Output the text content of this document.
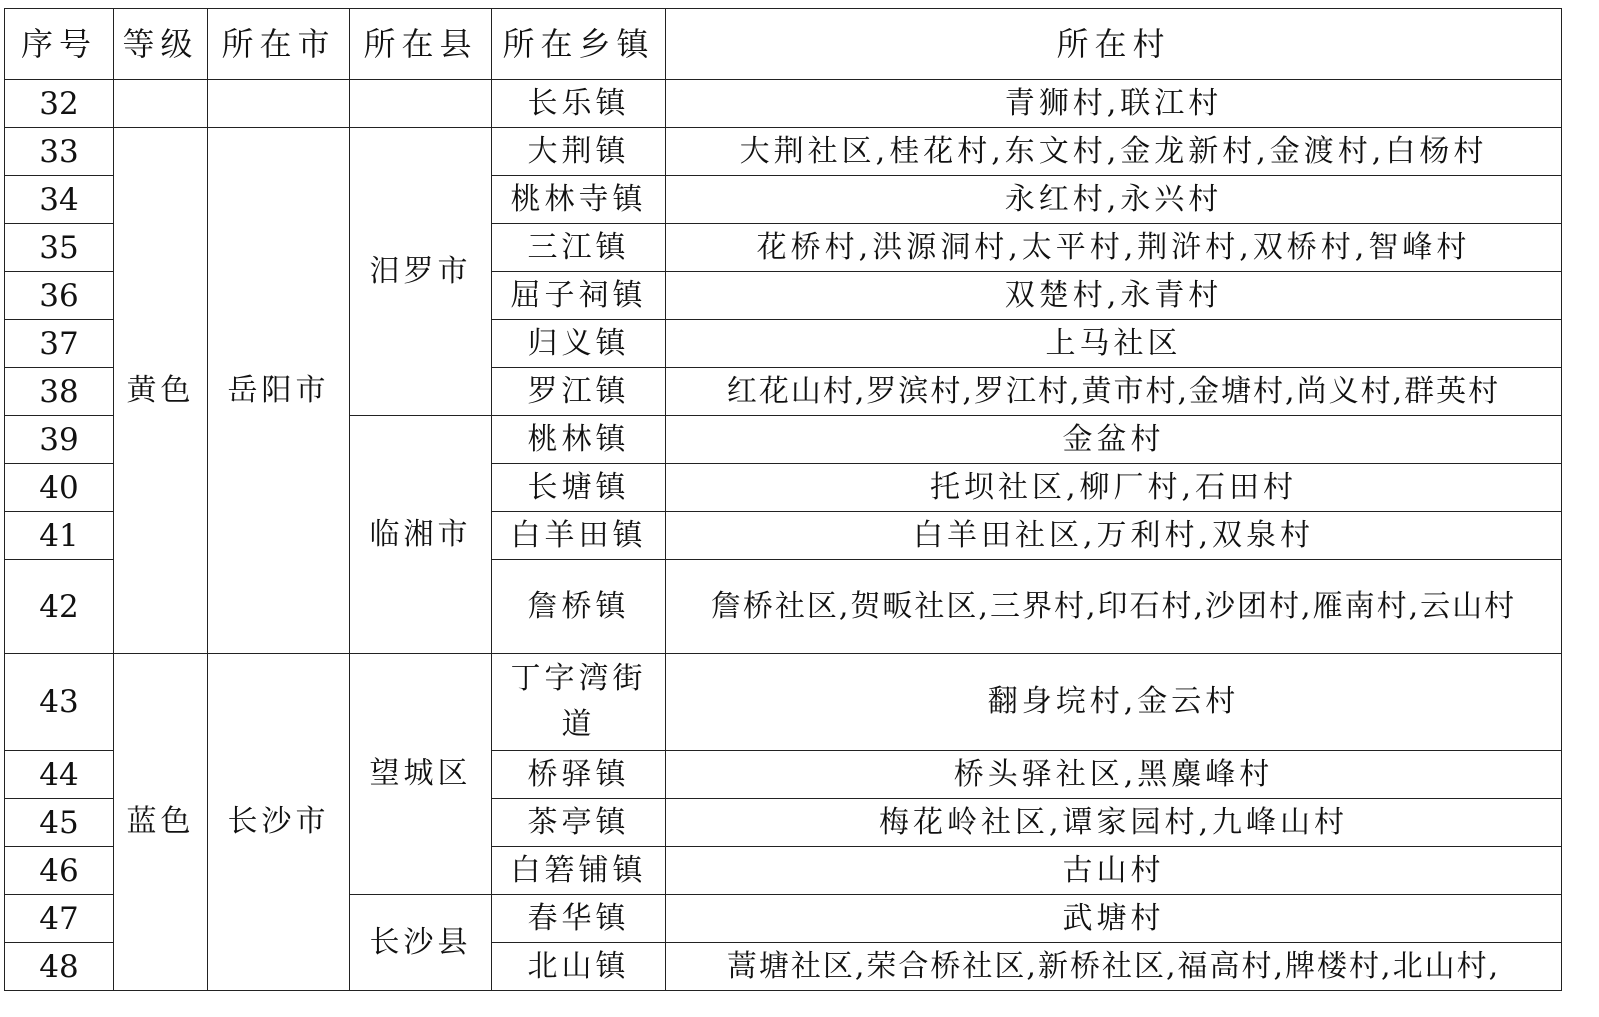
序号	等级	所在市	所在县	所在乡镇	所在村
32				长乐镇	青狮村,联江村
33	黄色	岳阳市	汨罗市	大荆镇	大荆社区,桂花村,东文村,金龙新村,金渡村,白杨村
34				桃林寺镇	永红村,永兴村
35				三江镇	花桥村,洪源洞村,太平村,荆浒村,双桥村,智峰村
36				屈子祠镇	双楚村,永青村
37				归义镇	上马社区
38				罗江镇	红花山村,罗滨村,罗江村,黄市村,金塘村,尚义村,群英村
39			临湘市	桃林镇	金盆村
40				长塘镇	托坝社区,柳厂村,石田村
41				白羊田镇	白羊田社区,万利村,双泉村
42				詹桥镇	詹桥社区,贺畈社区,三界村,印石村,沙团村,雁南村,云山村
43	蓝色	长沙市	望城区	丁字湾街道	翻身垸村,金云村
44				桥驿镇	桥头驿社区,黑麋峰村
45				茶亭镇	梅花岭社区,谭家园村,九峰山村
46				白箬铺镇	古山村
47			长沙县	春华镇	武塘村
48				北山镇	蒿塘社区,荣合桥社区,新桥社区,福高村,牌楼村,北山村,
